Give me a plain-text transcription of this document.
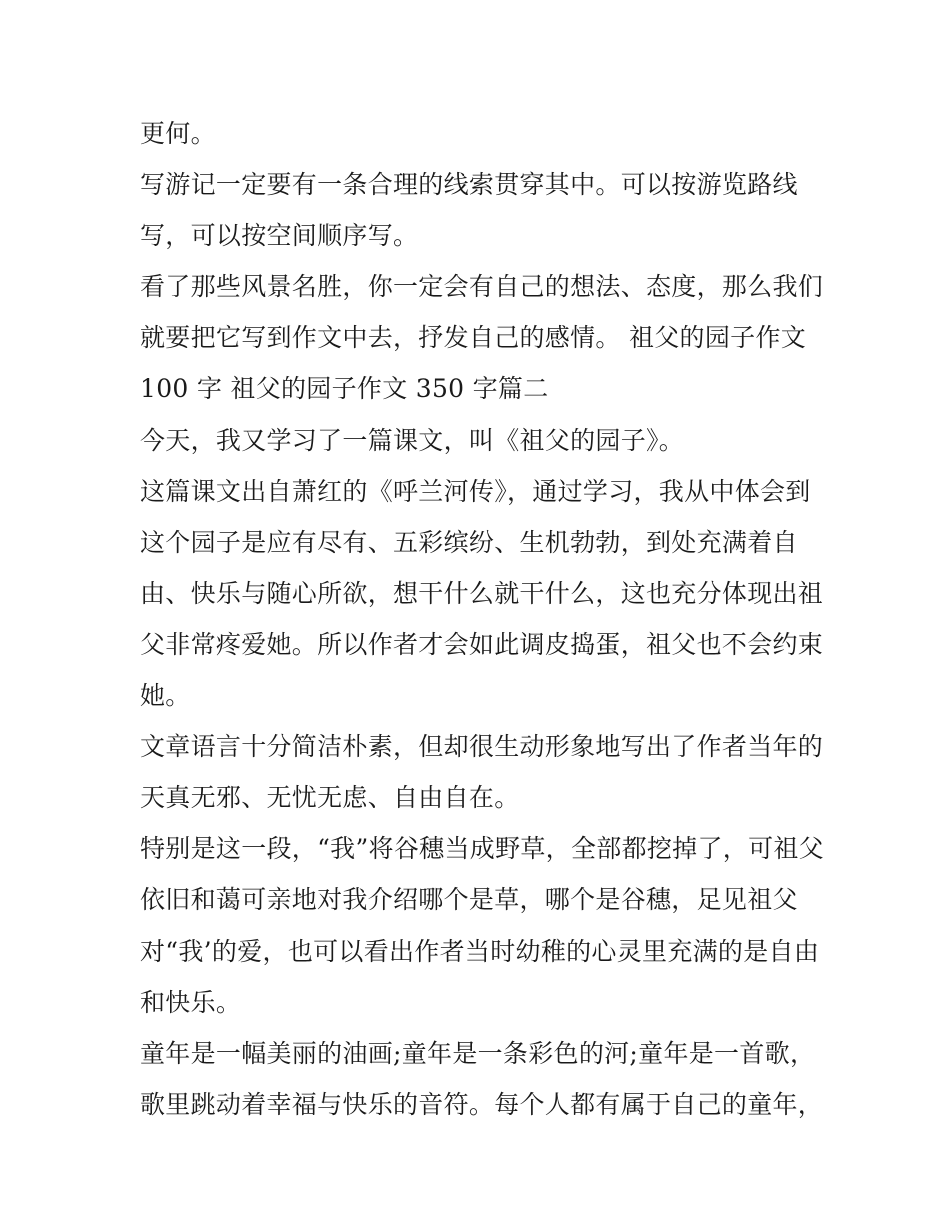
更何。
写游记一定要有一条合理的线索贯穿其中。可以按游览路线
写，可以按空间顺序写。
看了那些风景名胜，你一定会有自己的想法、态度，那么我们
就要把它写到作文中去，抒发自己的感情。 祖父的园子作文
100 字 祖父的园子作文 350 字篇二
今天，我又学习了一篇课文，叫《祖父的园子》。
这篇课文出自萧红的《呼兰河传》，通过学习，我从中体会到
这个园子是应有尽有、五彩缤纷、生机勃勃，到处充满着自
由、快乐与随心所欲，想干什么就干什么，这也充分体现出祖
父非常疼爱她。所以作者才会如此调皮捣蛋，祖父也不会约束
她。
文章语言十分简洁朴素，但却很生动形象地写出了作者当年的
天真无邪、无忧无虑、自由自在。
特别是这一段，“我”将谷穗当成野草，全部都挖掉了，可祖父
依旧和蔼可亲地对我介绍哪个是草，哪个是谷穗，足见祖父
对“我’的爱，也可以看出作者当时幼稚的心灵里充满的是自由
和快乐。
童年是一幅美丽的油画;童年是一条彩色的河;童年是一首歌，
歌里跳动着幸福与快乐的音符。每个人都有属于自己的童年，
